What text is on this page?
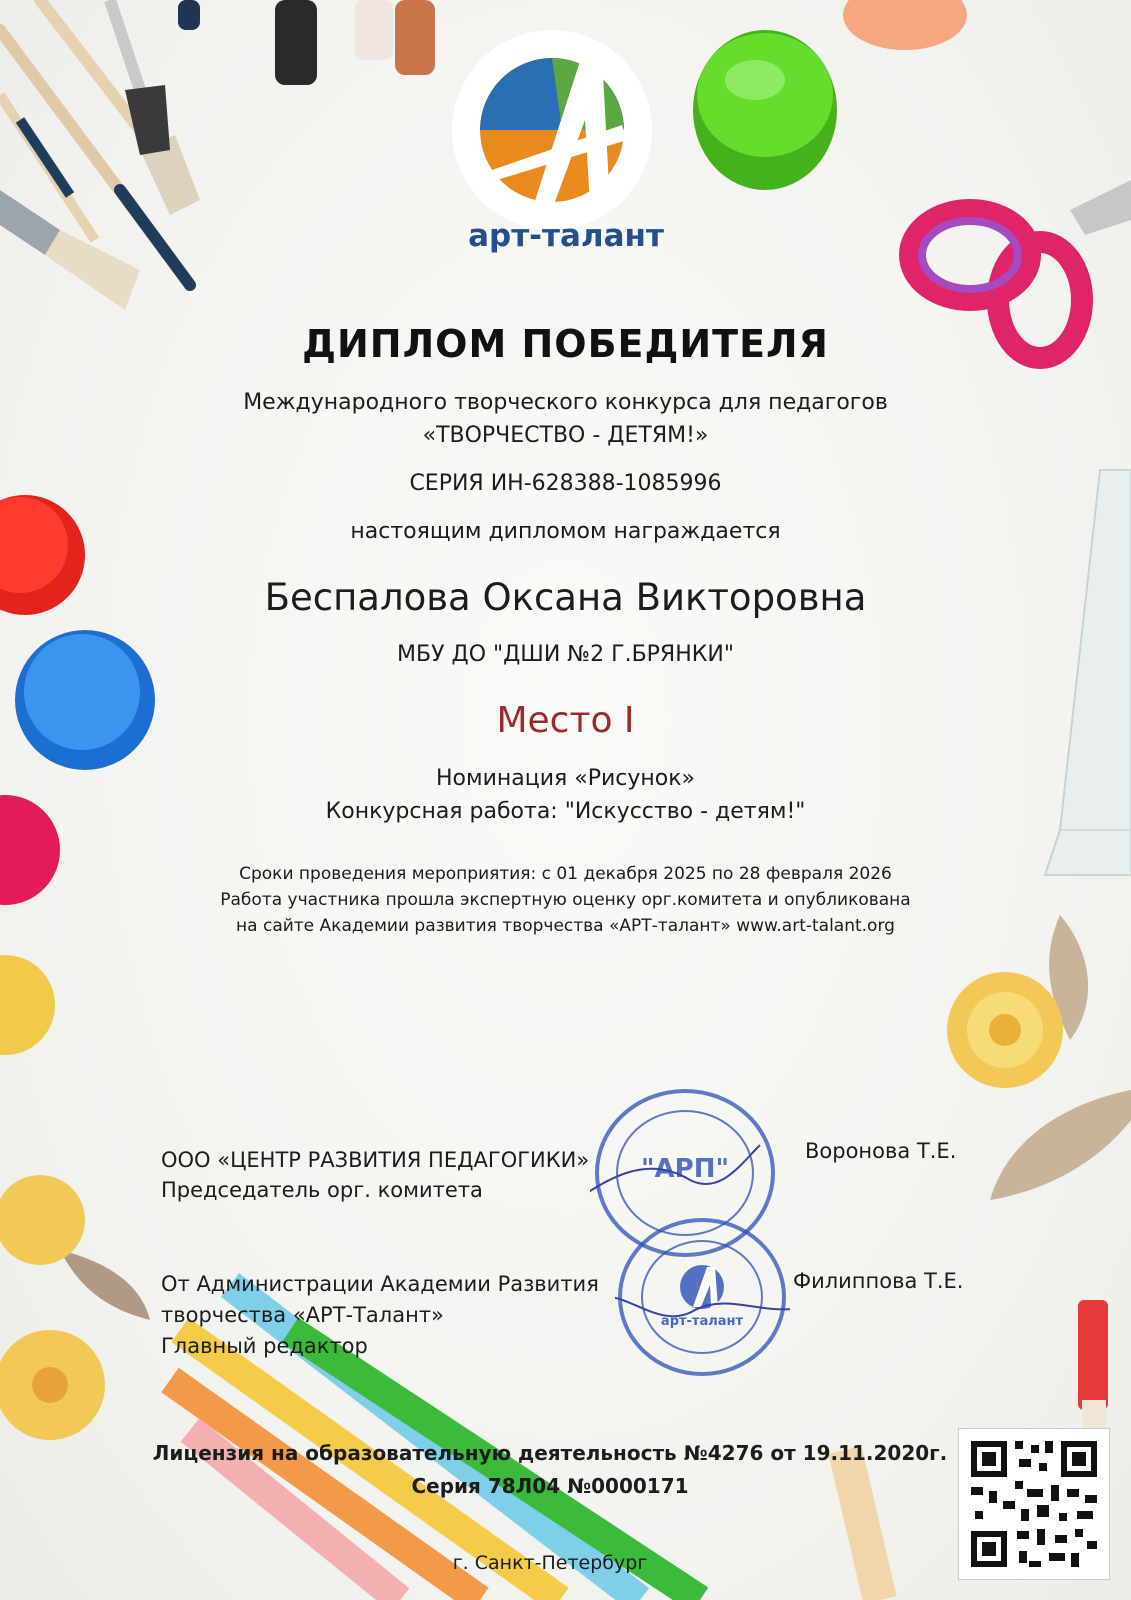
арт-талант
ДИПЛОМ ПОБЕДИТЕЛЯ
Международного творческого конкурса для педагогов
«ТВОРЧЕСТВО - ДЕТЯМ!»
СЕРИЯ ИН-628388-1085996
настоящим дипломом награждается
Беспалова Оксана Викторовна
МБУ ДО "ДШИ №2 Г.БРЯНКИ"
Место I
Номинация «Рисунок»
Конкурсная работа: "Искусство - детям!"
Сроки проведения мероприятия: с 01 декабря 2025 по 28 февраля 2026
Работа участника прошла экспертную оценку орг.комитета и опубликована
на сайте Академии развития творчества «АРТ-талант» www.art-talant.org
"АРП"
арт-талант
ООО «ЦЕНТР РАЗВИТИЯ ПЕДАГОГИКИ»
Председатель орг. комитета
Воронова Т.Е.
От Администрации Академии Развития
творчества «АРТ-Талант»
Главный редактор
Филиппова Т.Е.
Лицензия на образовательную деятельность №4276 от 19.11.2020г.
Серия 78Л04 №0000171
г. Санкт-Петербург
